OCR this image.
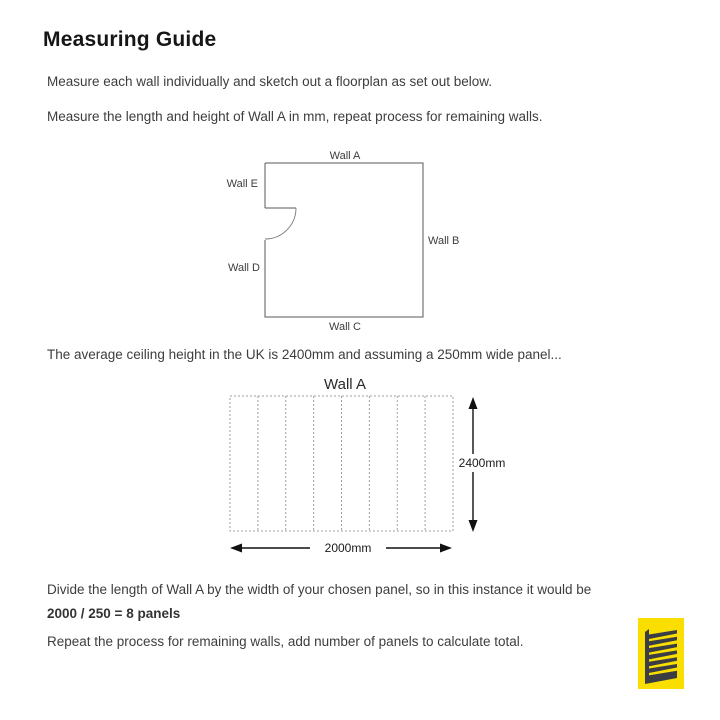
Measuring Guide
Measure each wall individually and sketch out a floorplan as set out below.
Measure the length and height of Wall A in mm, repeat process for remaining walls.
Wall A
Wall B
Wall C
Wall D
Wall E
The average ceiling height in the UK is 2400mm and assuming a 250mm wide panel...
Wall A
2400mm
2000mm
Divide the length of Wall A by the width of your chosen panel, so in this instance it would be
2000 / 250 = 8 panels
Repeat the process for remaining walls, add number of panels to calculate total.
